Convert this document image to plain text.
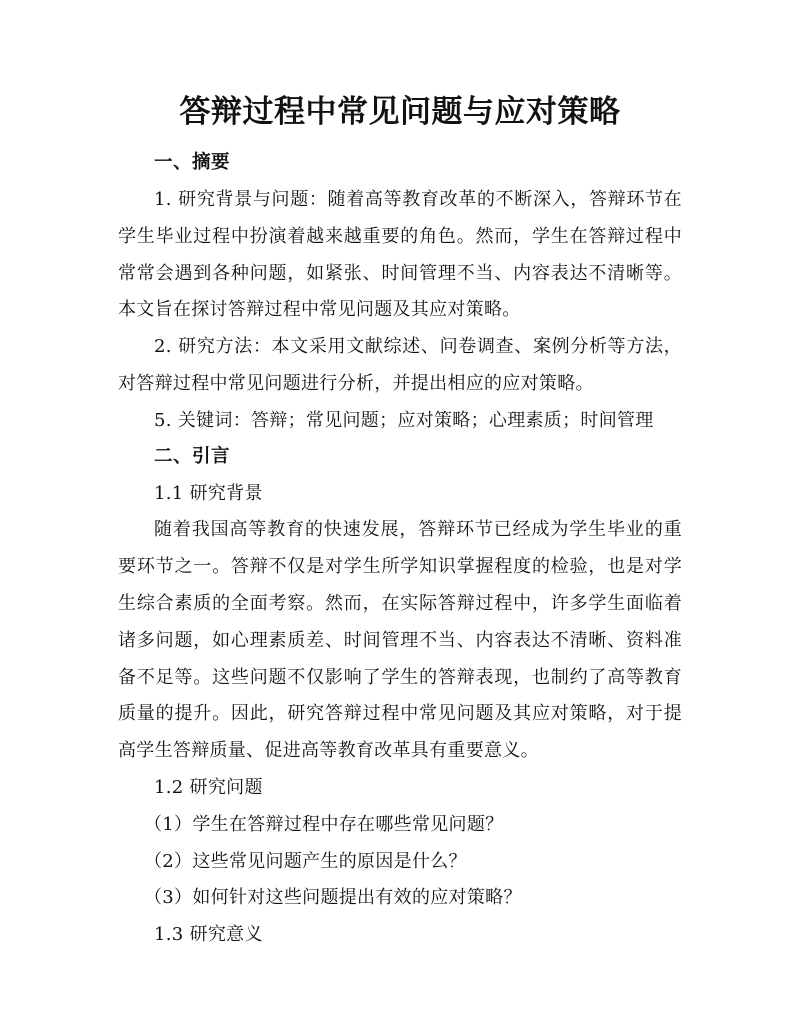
答辩过程中常见问题与应对策略

一、摘要

1. 研究背景与问题：随着高等教育改革的不断深入，答辩环节在学生毕业过程中扮演着越来越重要的角色。然而，学生在答辩过程中常常会遇到各种问题，如紧张、时间管理不当、内容表达不清晰等。本文旨在探讨答辩过程中常见问题及其应对策略。

2. 研究方法：本文采用文献综述、问卷调查、案例分析等方法，对答辩过程中常见问题进行分析，并提出相应的应对策略。

5. 关键词：答辩；常见问题；应对策略；心理素质；时间管理

二、引言

1.1 研究背景

随着我国高等教育的快速发展，答辩环节已经成为学生毕业的重要环节之一。答辩不仅是对学生所学知识掌握程度的检验，也是对学生综合素质的全面考察。然而，在实际答辩过程中，许多学生面临着诸多问题，如心理素质差、时间管理不当、内容表达不清晰、资料准备不足等。这些问题不仅影响了学生的答辩表现，也制约了高等教育质量的提升。因此，研究答辩过程中常见问题及其应对策略，对于提高学生答辩质量、促进高等教育改革具有重要意义。

1.2 研究问题

（1）学生在答辩过程中存在哪些常见问题？

（2）这些常见问题产生的原因是什么？

（3）如何针对这些问题提出有效的应对策略？

1.3 研究意义
